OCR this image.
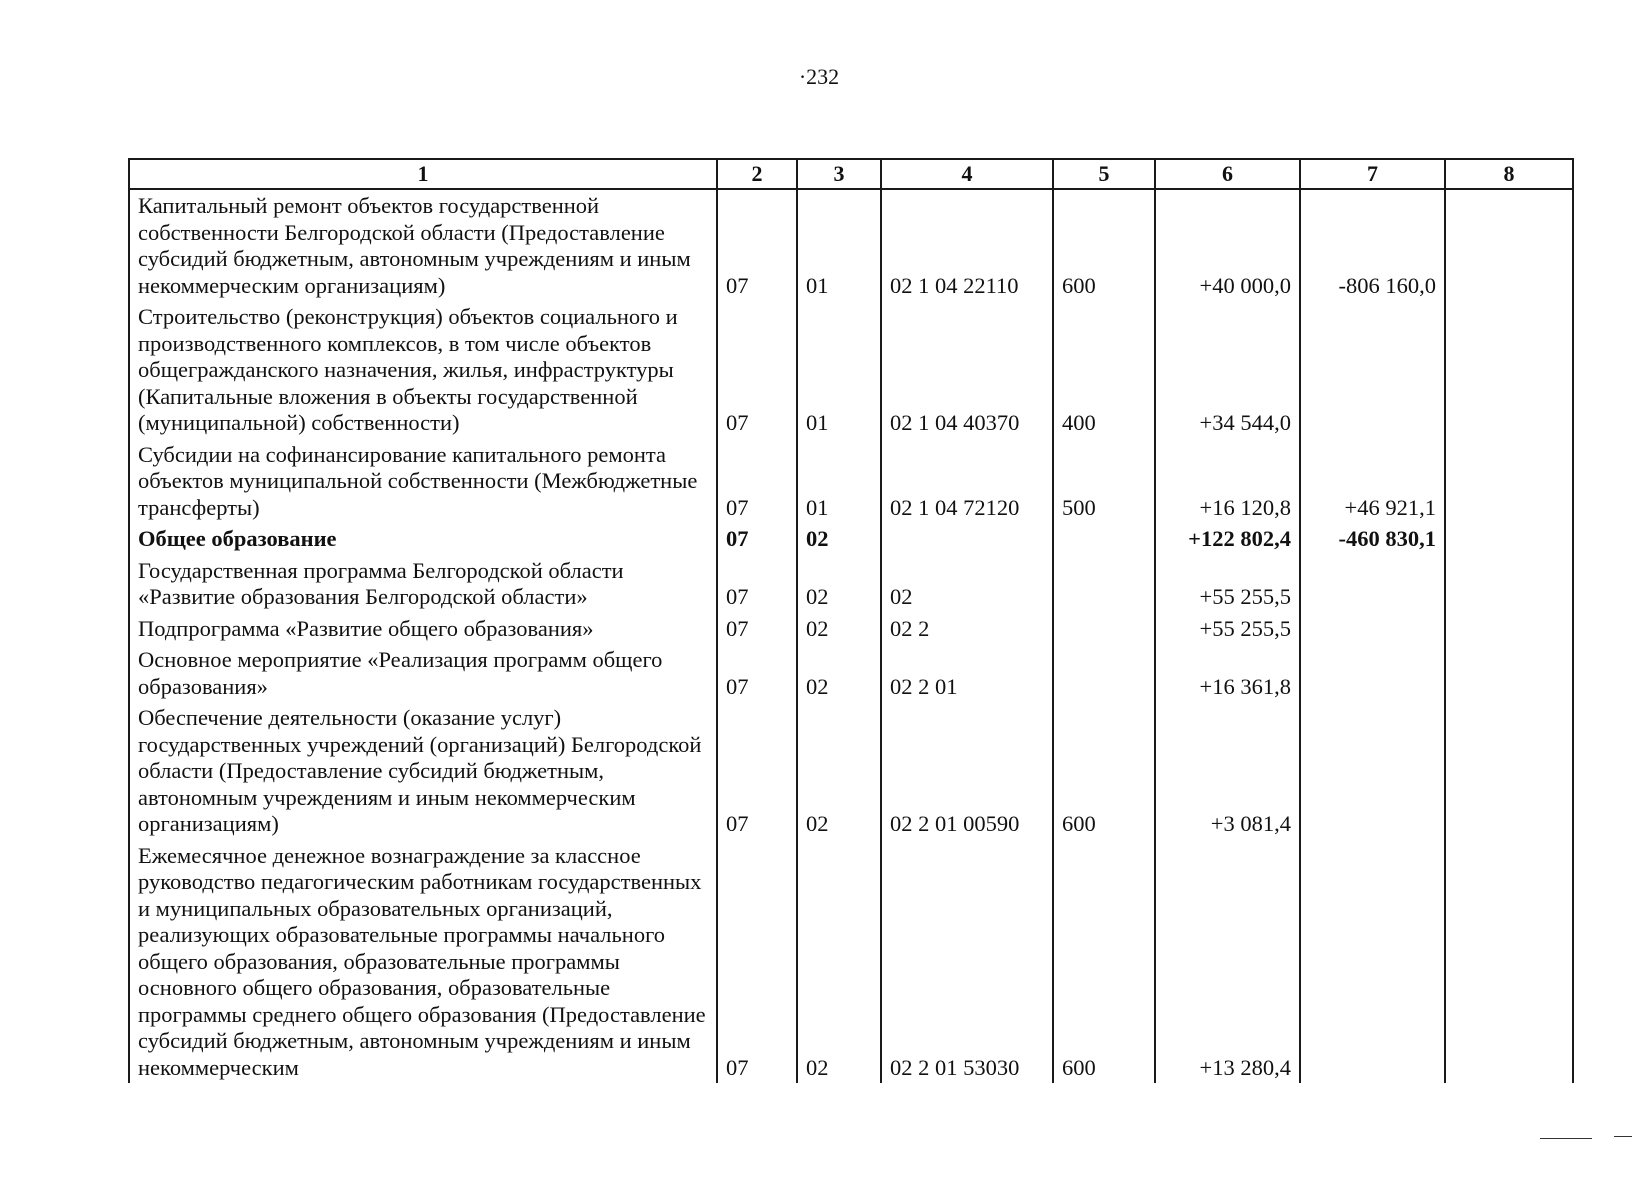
·232
1	2	3	4	5	6	7	8
Капитальный ремонт объектов государственной собственности Белгородской области (Предоставление субсидий бюджетным, автономным учреждениям и иным некоммерческим организациям)	07	01	02 1 04 22110	600	+40 000,0	-806 160,0	
Строительство (реконструкция) объектов социального и производственного комплексов, в том числе объектов общегражданского назначения, жилья, инфраструктуры (Капитальные вложения в объекты государственной (муниципальной) собственности)	07	01	02 1 04 40370	400	+34 544,0		
Субсидии на софинансирование капитального ремонта объектов муниципальной собственности (Межбюджетные трансферты)	07	01	02 1 04 72120	500	+16 120,8	+46 921,1	
Общее образование	07	02			+122 802,4	-460 830,1	
Государственная программа Белгородской области «Развитие образования Белгородской области»	07	02	02		+55 255,5		
Подпрограмма «Развитие общего образования»	07	02	02 2		+55 255,5		
Основное мероприятие «Реализация программ общего образования»	07	02	02 2 01		+16 361,8		
Обеспечение деятельности (оказание услуг) государственных учреждений (организаций) Белгородской области (Предоставление субсидий бюджетным, автономным учреждениям и иным некоммерческим организациям)	07	02	02 2 01 00590	600	+3 081,4		
Ежемесячное денежное вознаграждение за классное руководство педагогическим работникам государственных и муниципальных образовательных организаций, реализующих образовательные программы начального общего образования, образовательные программы основного общего образования, образовательные программы среднего общего образования (Предоставление субсидий бюджетным, автономным учреждениям и иным некоммерческим	07	02	02 2 01 53030	600	+13 280,4		
